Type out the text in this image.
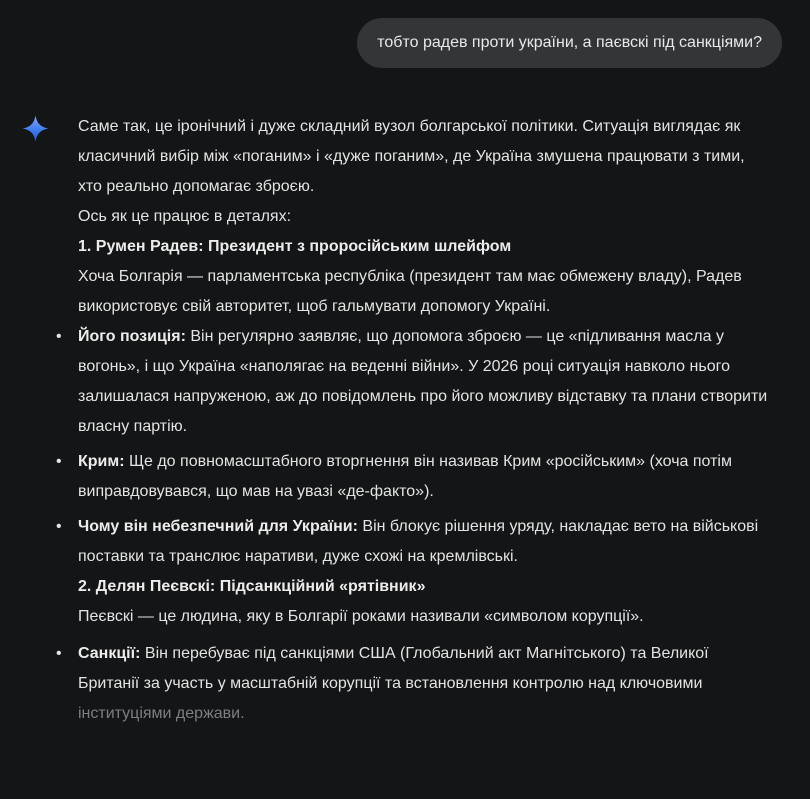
тобто радев проти україни, а паєвскі під санкціями?

Саме так, це іронічний і дуже складний вузол болгарської політики. Ситуація виглядає як класичний вибір між «поганим» і «дуже поганим», де Україна змушена працювати з тими, хто реально допомагає зброєю.

Ось як це працює в деталях:

1. Румен Радев: Президент з проросійським шлейфом

Хоча Болгарія — парламентська республіка (президент там має обмежену владу), Радев використовує свій авторитет, щоб гальмувати допомогу Україні.

• Його позиція: Він регулярно заявляє, що допомога зброєю — це «підливання масла у вогонь», і що Україна «наполягає на веденні війни». У 2026 році ситуація навколо нього залишалася напруженою, аж до повідомлень про його можливу відставку та плани створити власну партію.
• Крим: Ще до повномасштабного вторгнення він називав Крим «російським» (хоча потім виправдовувався, що мав на увазі «де-факто»).
• Чому він небезпечний для України: Він блокує рішення уряду, накладає вето на військові поставки та транслює наративи, дуже схожі на кремлівські.
2. Делян Пеєвскі: Підсанкційний «рятівник»

Пеєвскі — це людина, яку в Болгарії роками називали «символом корупції».

• Санкції: Він перебуває під санкціями США (Глобальний акт Магнітського) та Великої Британії за участь у масштабній корупції та встановлення контролю над ключовими інституціями держави.
